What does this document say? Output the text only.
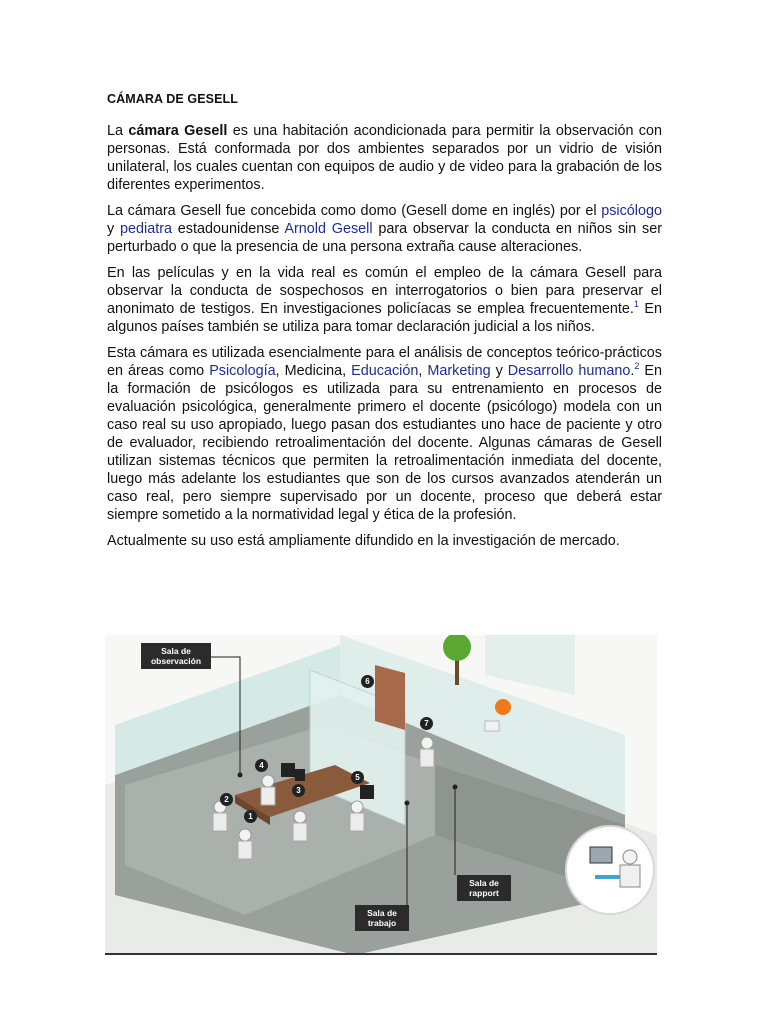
CÁMARA DE GESELL

La cámara Gesell es una habitación acondicionada para permitir la observación con personas. Está conformada por dos ambientes separados por un vidrio de visión unilateral, los cuales cuentan con equipos de audio y de video para la grabación de los diferentes experimentos.

La cámara Gesell fue concebida como domo (Gesell dome en inglés) por el psicólogo y pediatra estadounidense Arnold Gesell para observar la conducta en niños sin ser perturbado o que la presencia de una persona extraña cause alteraciones.

En las películas y en la vida real es común el empleo de la cámara Gesell para observar la conducta de sospechosos en interrogatorios o bien para preservar el anonimato de testigos. En investigaciones policíacas se emplea frecuentemente.$^1$ En algunos países también se utiliza para tomar declaración judicial a los niños.

Esta cámara es utilizada esencialmente para el análisis de conceptos teórico-prácticos en áreas como Psicología, Medicina, Educación, Marketing y Desarrollo humano.$^2$ En la formación de psicólogos es utilizada para su entrenamiento en procesos de evaluación psicológica, generalmente primero el docente (psicólogo) modela con un caso real su uso apropiado, luego pasan dos estudiantes uno hace de paciente y otro de evaluador, recibiendo retroalimentación del docente. Algunas cámaras de Gesell utilizan sistemas técnicos que permiten la retroalimentación inmediata del docente, luego más adelante los estudiantes que son de los cursos avanzados atenderán un caso real, pero siempre supervisado por un docente, proceso que deberá estar siempre sometido a la normatividad legal y ética de la profesión.

Actualmente su uso está ampliamente difundido en la investigación de mercado.

Sala de
observación
Sala de
rapport
Sala de
trabajo
1
2
3
4
5
6
7
